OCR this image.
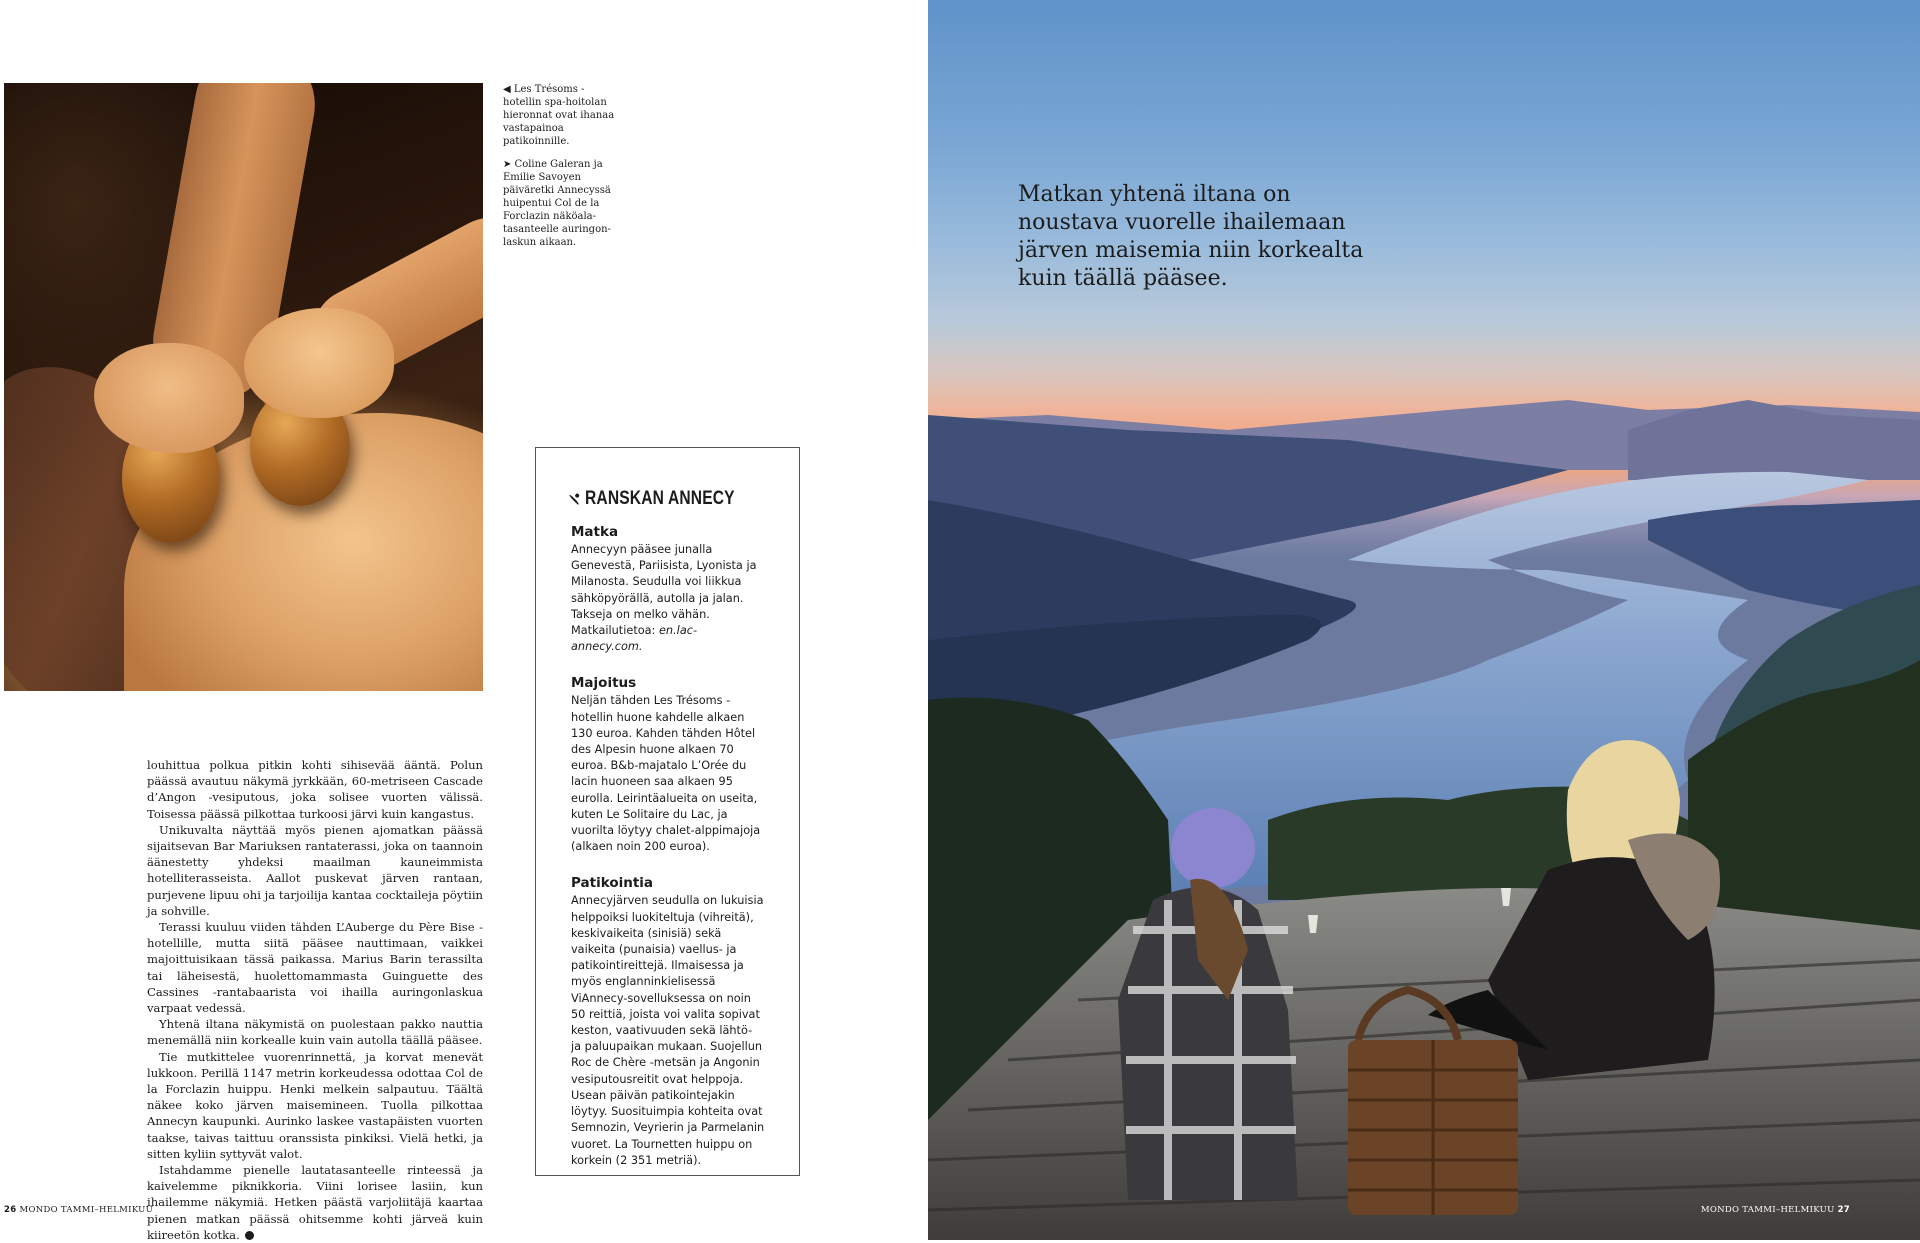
◀ Les Trésoms -hotellin spa-hoitolan hieronnat ovat ihanaa vastapainoa patikoinnille.

➤ Coline Galeran ja Emilie Savoyen päiväretki Annecyssä huipentui Col de la Forclazin näköalatasanteelle auringonlaskun aikaan.

louhittua polkua pitkin kohti sihisevää ääntä. Polun päässä avautuu näkymä jyrkkään, 60-metriseen Cascade d’Angon -vesiputous, joka solisee vuorten välissä. Toisessa päässä pilkottaa turkoosi järvi kuin kangastus.

Unikuvalta näyttää myös pienen ajomatkan päässä sijaitsevan Bar Mariuksen rantaterassi, joka on taannoin äänestetty yhdeksi maailman kauneimmista hotelliterasseista. Aallot puskevat järven rantaan, purjevene lipuu ohi ja tarjoilija kantaa cocktaileja pöytiin ja sohville.

Terassi kuuluu viiden tähden L’Auberge du Père Bise -hotellille, mutta siitä pääsee nauttimaan, vaikkei majoittuisikaan tässä paikassa. Marius Barin terassilta tai läheisestä, huolettomammasta Guinguette des Cassines -rantabaarista voi ihailla auringonlaskua varpaat vedessä.

Yhtenä iltana näkymistä on puolestaan pakko nauttia menemällä niin korkealle kuin vain autolla täällä pääsee.

Tie mutkittelee vuorenrinnettä, ja korvat menevät lukkoon. Perillä 1147 metrin korkeudessa odottaa Col de la Forclazin huippu. Henki melkein salpautuu. Täältä näkee koko järven maisemineen. Tuolla pilkottaa Annecyn kaupunki. Aurinko laskee vastapäisten vuorten taakse, taivas taittuu oranssista pinkiksi. Vielä hetki, ja sitten kyliin syttyvät valot.

Istahdamme pienelle lautatasanteelle rinteessä ja kaivelemme piknikkoria. Viini lorisee lasiin, kun ihailemme näkymiä. Hetken päästä varjoliitäjä kaartaa pienen matkan päässä ohitsemme kohti järveä kuin kiireetön kotka.	M

RANSKAN ANNECY
Matka

Annecyyn pääsee junalla Genevestä, Pariisista, Lyonista ja Milanosta. Seudulla voi liikkua sähköpyörällä, autolla ja jalan. Takseja on melko vähän. Matkailutietoa: en.lac-annecy.com.

Majoitus

Neljän tähden Les Trésoms -hotellin huone kahdelle alkaen 130 euroa. Kahden tähden Hôtel des Alpesin huone alkaen 70 euroa. B&b-majatalo L’Orée du lacin huoneen saa alkaen 95 eurolla. Leirintäalueita on useita, kuten Le Solitaire du Lac, ja vuorilta löytyy chalet-alppimajoja (alkaen noin 200 euroa).

Patikointia

Annecyjärven seudulla on lukuisia helppoiksi luokiteltuja (vihreitä), keskivaikeita (sinisiä) sekä vaikeita (punaisia) vaellus- ja patikointireittejä. Ilmaisessa ja myös englanninkielisessä ViAnnecy-sovelluksessa on noin 50 reittiä, joista voi valita sopivat keston, vaativuuden sekä lähtö- ja paluupaikan mukaan. Suojellun Roc de Chère -metsän ja Angonin vesiputousreitit ovat helppoja. Usean päivän patikointejakin löytyy. Suosituimpia kohteita ovat Semnozin, Veyrierin ja Parmelanin vuoret. La Tournetten huippu on korkein (2 351 metriä).

26 MONDO TAMMI–HELMIKUU
Matkan yhtenä iltana on noustava vuorelle ihailemaan järven maisemia niin korkealta kuin täällä pääsee.
MONDO TAMMI–HELMIKUU 27
